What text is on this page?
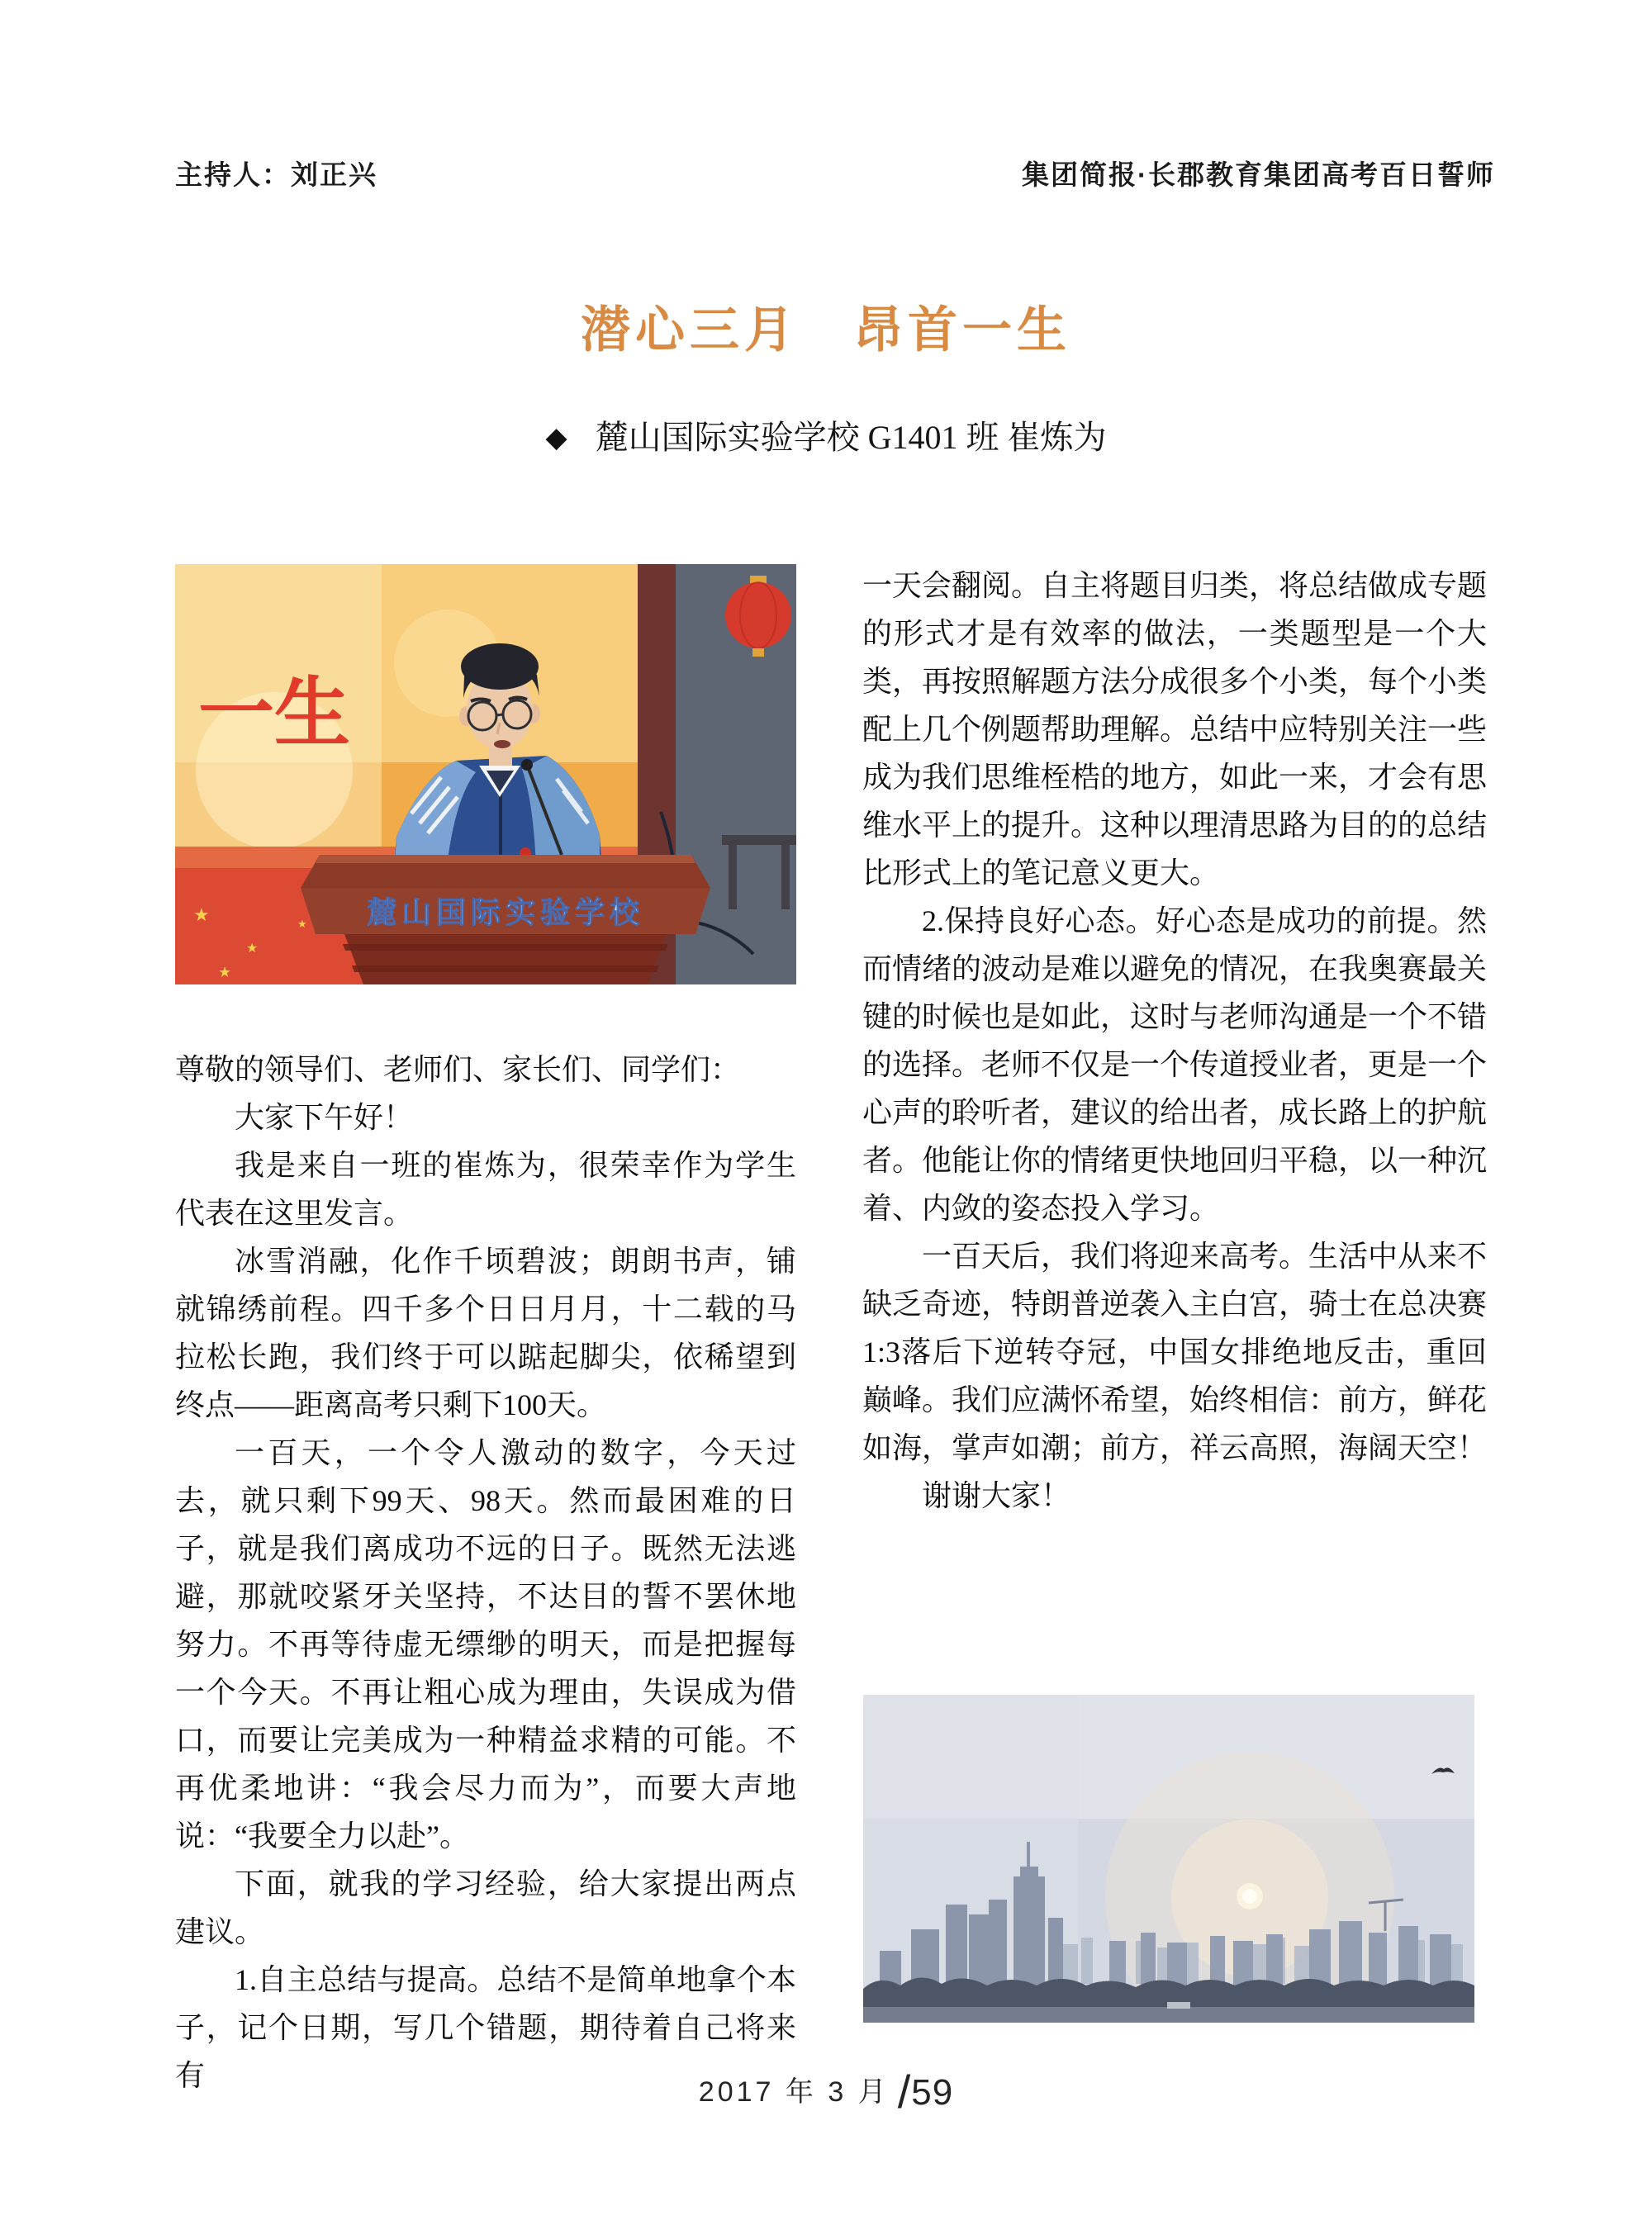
主持人：刘正兴	集团简报·长郡教育集团高考百日誓师
潜心三月　昂首一生
◆ 麓山国际实验学校 G1401 班 崔炼为
一生
★
★
★
★
麓山国际实验学校

尊敬的领导们、老师们、家长们、同学们：

大家下午好！

我是来自一班的崔炼为，很荣幸作为学生代表在这里发言。

冰雪消融，化作千顷碧波；朗朗书声，铺就锦绣前程。四千多个日日月月，十二载的马拉松长跑，我们终于可以踮起脚尖，依稀望到终点——距离高考只剩下100天。

一百天，一个令人激动的数字，今天过去，就只剩下99天、98天。然而最困难的日子，就是我们离成功不远的日子。既然无法逃避，那就咬紧牙关坚持，不达目的誓不罢休地努力。不再等待虚无缥缈的明天，而是把握每一个今天。不再让粗心成为理由，失误成为借口，而要让完美成为一种精益求精的可能。不再优柔地讲：“我会尽力而为”，而要大声地说：“我要全力以赴”。

下面，就我的学习经验，给大家提出两点建议。

1.自主总结与提高。总结不是简单地拿个本子，记个日期，写几个错题，期待着自己将来有

一天会翻阅。自主将题目归类，将总结做成专题的形式才是有效率的做法，一类题型是一个大类，再按照解题方法分成很多个小类，每个小类配上几个例题帮助理解。总结中应特别关注一些成为我们思维桎梏的地方，如此一来，才会有思维水平上的提升。这种以理清思路为目的的总结比形式上的笔记意义更大。

2.保持良好心态。好心态是成功的前提。然而情绪的波动是难以避免的情况，在我奥赛最关键的时候也是如此，这时与老师沟通是一个不错的选择。老师不仅是一个传道授业者，更是一个心声的聆听者，建议的给出者，成长路上的护航者。他能让你的情绪更快地回归平稳，以一种沉着、内敛的姿态投入学习。

一百天后，我们将迎来高考。生活中从来不缺乏奇迹，特朗普逆袭入主白宫，骑士在总决赛1:3落后下逆转夺冠，中国女排绝地反击，重回巅峰。我们应满怀希望，始终相信：前方，鲜花如海，掌声如潮；前方，祥云高照，海阔天空！

谢谢大家！

2017 年 3 月 /59
